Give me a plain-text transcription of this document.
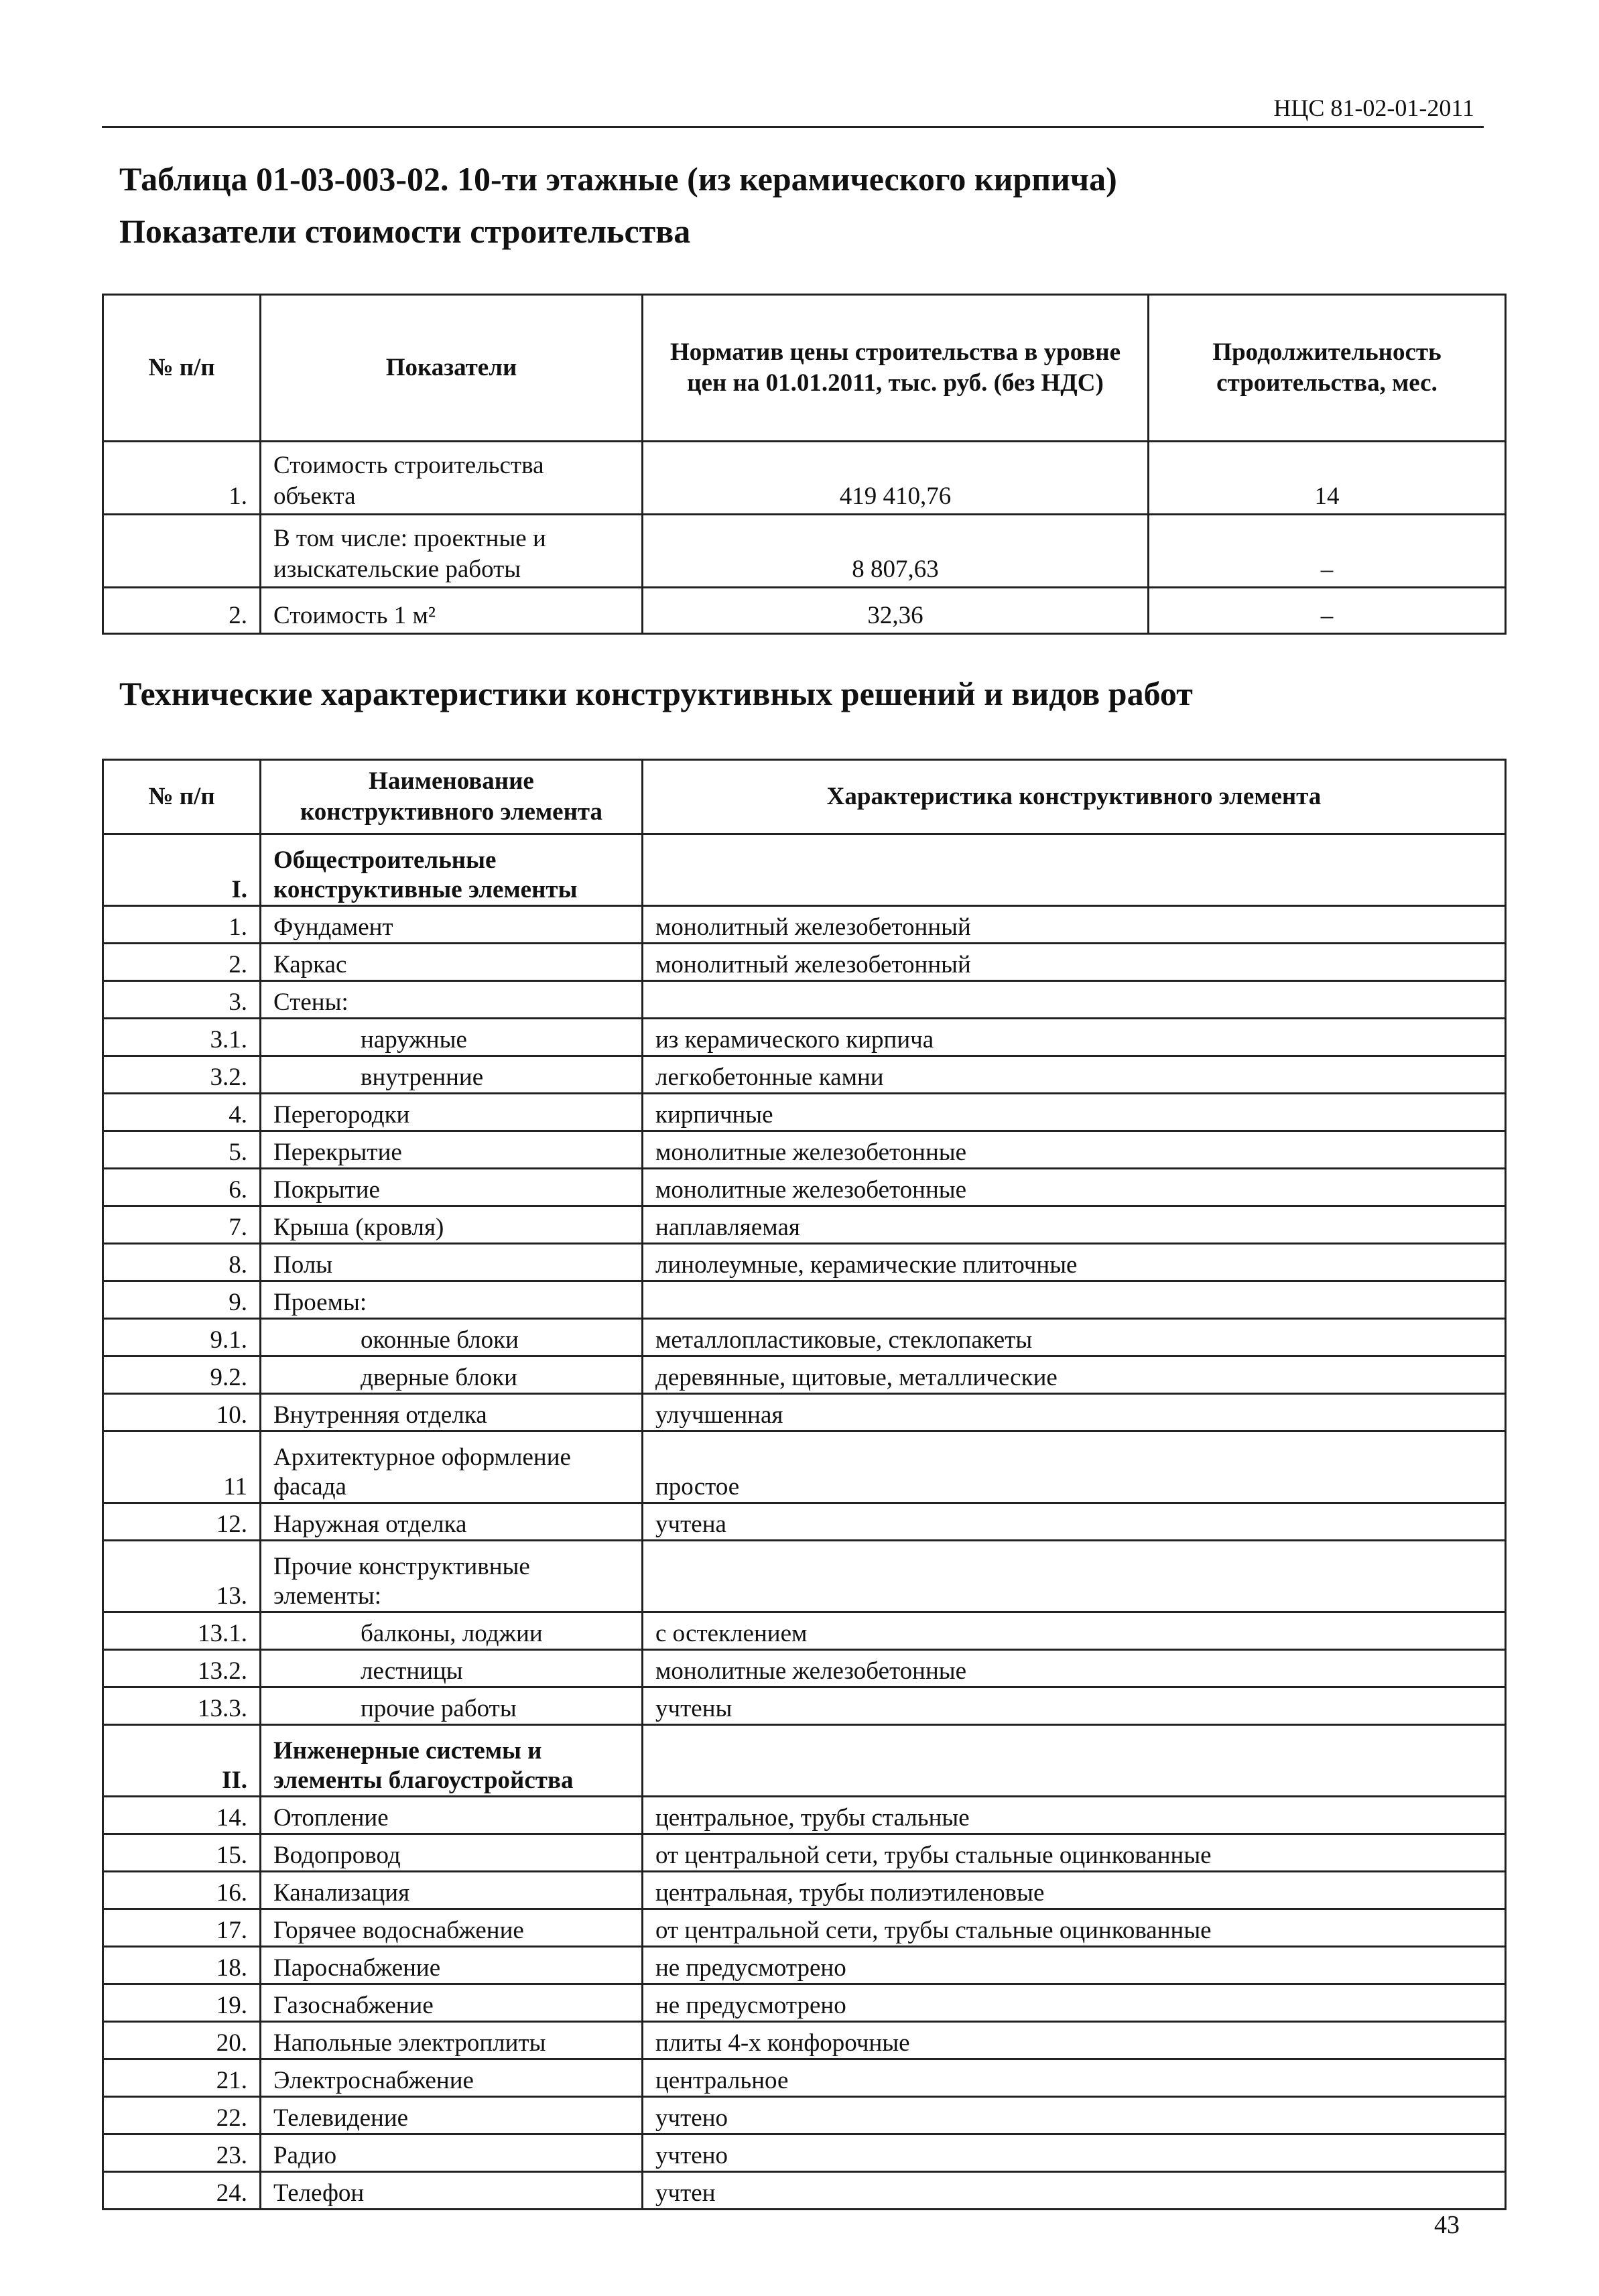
НЦС 81-02-01-2011
Таблица 01-03-003-02. 10-ти этажные (из керамического кирпича)
Показатели стоимости строительства
№ п/п	Показатели	Норматив цены строительства в уровне цен на 01.01.2011, тыс. руб. (без НДС)	Продолжительность строительства, мес.
1.	Стоимость строительства объекта	419 410,76	14
	В том числе: проектные и изыскательские работы	8 807,63	–
2.	Стоимость 1 м²	32,36	–
Технические характеристики конструктивных решений и видов работ
№ п/п	Наименование конструктивного элемента	Характеристика конструктивного элемента
I.	Общестроительные конструктивные элементы	
1.	Фундамент	монолитный железобетонный
2.	Каркас	монолитный железобетонный
3.	Стены:	
3.1.	наружные	из керамического кирпича
3.2.	внутренние	легкобетонные камни
4.	Перегородки	кирпичные
5.	Перекрытие	монолитные железобетонные
6.	Покрытие	монолитные железобетонные
7.	Крыша (кровля)	наплавляемая
8.	Полы	линолеумные, керамические плиточные
9.	Проемы:	
9.1.	оконные блоки	металлопластиковые, стеклопакеты
9.2.	дверные блоки	деревянные, щитовые, металлические
10.	Внутренняя отделка	улучшенная
11	Архитектурное оформление фасада	простое
12.	Наружная отделка	учтена
13.	Прочие конструктивные элементы:	
13.1.	балконы, лоджии	с остеклением
13.2.	лестницы	монолитные железобетонные
13.3.	прочие работы	учтены
II.	Инженерные системы и элементы благоустройства	
14.	Отопление	центральное, трубы стальные
15.	Водопровод	от центральной сети, трубы стальные оцинкованные
16.	Канализация	центральная, трубы полиэтиленовые
17.	Горячее водоснабжение	от центральной сети, трубы стальные оцинкованные
18.	Пароснабжение	не предусмотрено
19.	Газоснабжение	не предусмотрено
20.	Напольные электроплиты	плиты 4-х конфорочные
21.	Электроснабжение	центральное
22.	Телевидение	учтено
23.	Радио	учтено
24.	Телефон	учтен
43
